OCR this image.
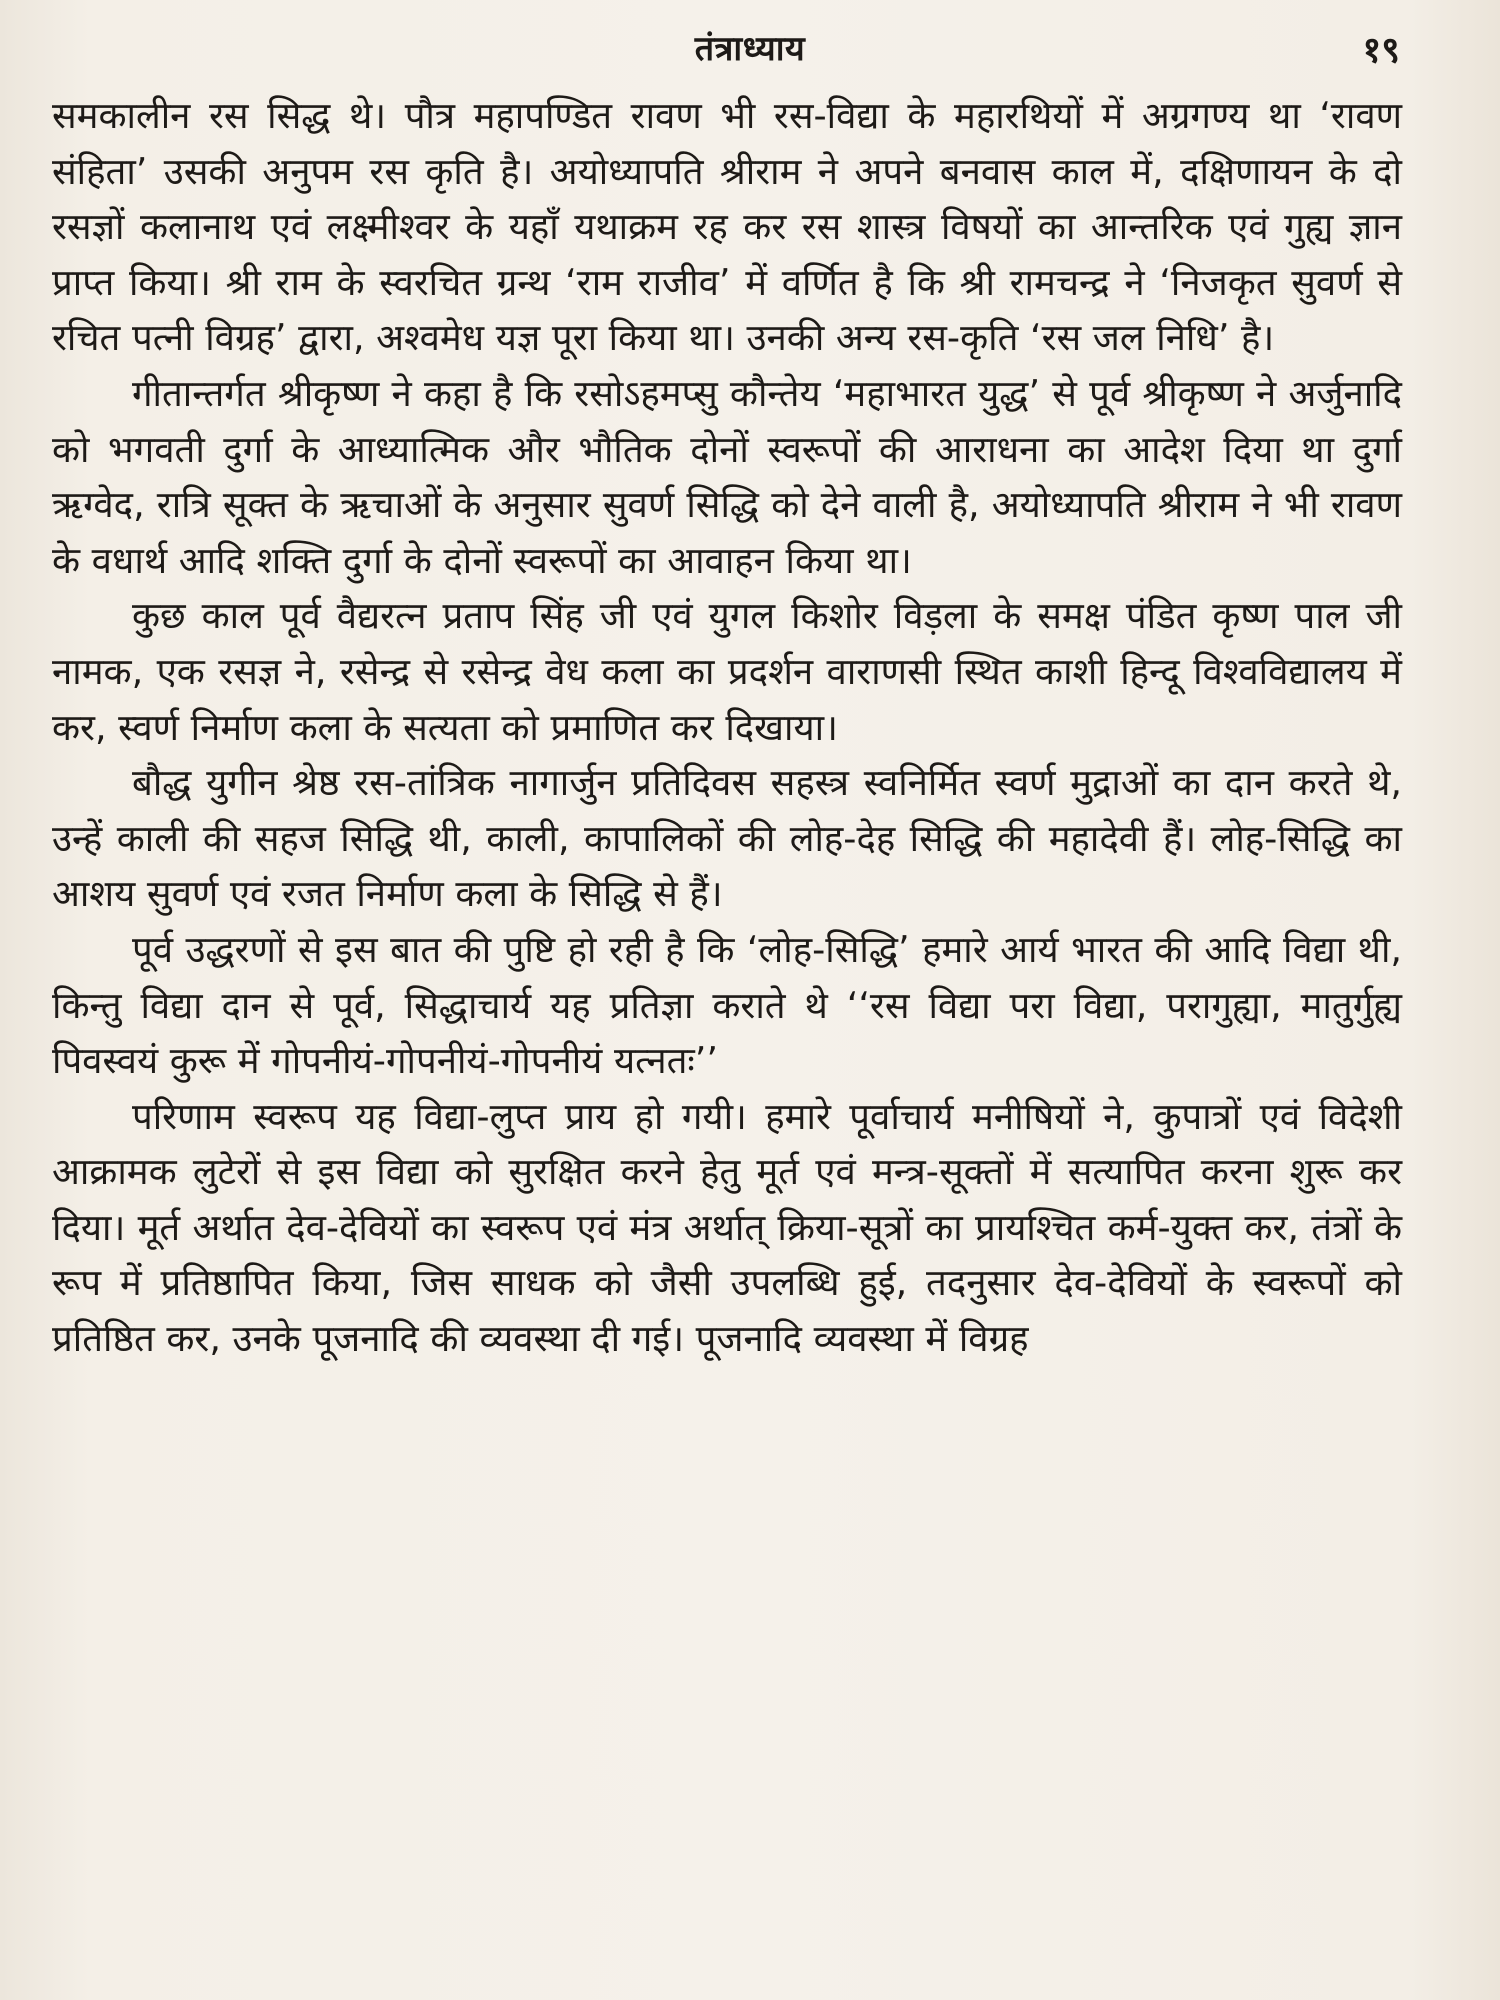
तंत्राध्याय	१९

समकालीन रस सिद्ध थे। पौत्र महापण्डित रावण भी रस-विद्या के महारथियों में अग्रगण्य था ‘रावण संहिता’ उसकी अनुपम रस कृति है। अयोध्यापति श्रीराम ने अपने बनवास काल में, दक्षिणायन के दो रसज्ञों कलानाथ एवं लक्ष्मीश्वर के यहाँ यथाक्रम रह कर रस शास्त्र विषयों का आन्तरिक एवं गुह्य ज्ञान प्राप्त किया। श्री राम के स्वरचित ग्रन्थ ‘राम राजीव’ में वर्णित है कि श्री रामचन्द्र ने ‘निजकृत सुवर्ण से रचित पत्नी विग्रह’ द्वारा, अश्वमेध यज्ञ पूरा किया था। उनकी अन्य रस-कृति ‘रस जल निधि’ है।

गीतान्तर्गत श्रीकृष्ण ने कहा है कि रसोऽहमप्सु कौन्तेय ‘महाभारत युद्ध’ से पूर्व श्रीकृष्ण ने अर्जुनादि को भगवती दुर्गा के आध्यात्मिक और भौतिक दोनों स्वरूपों की आराधना का आदेश दिया था दुर्गा ऋग्वेद, रात्रि सूक्त के ऋचाओं के अनुसार सुवर्ण सिद्धि को देने वाली है, अयोध्यापति श्रीराम ने भी रावण के वधार्थ आदि शक्ति दुर्गा के दोनों स्वरूपों का आवाहन किया था।

कुछ काल पूर्व वैद्यरत्न प्रताप सिंह जी एवं युगल किशोर विड़ला के समक्ष पंडित कृष्ण पाल जी नामक, एक रसज्ञ ने, रसेन्द्र से रसेन्द्र वेध कला का प्रदर्शन वाराणसी स्थित काशी हिन्दू विश्वविद्यालय में कर, स्वर्ण निर्माण कला के सत्यता को प्रमाणित कर दिखाया।

बौद्ध युगीन श्रेष्ठ रस-तांत्रिक नागार्जुन प्रतिदिवस सहस्त्र स्वनिर्मित स्वर्ण मुद्राओं का दान करते थे, उन्हें काली की सहज सिद्धि थी, काली, कापालिकों की लोह-देह सिद्धि की महादेवी हैं। लोह-सिद्धि का आशय सुवर्ण एवं रजत निर्माण कला के सिद्धि से हैं।

पूर्व उद्धरणों से इस बात की पुष्टि हो रही है कि ‘लोह-सिद्धि’ हमारे आर्य भारत की आदि विद्या थी, किन्तु विद्या दान से पूर्व, सिद्धाचार्य यह प्रतिज्ञा कराते थे ‘‘रस विद्या परा विद्या, परागुह्या, मातुर्गुह्य पिवस्वयं कुरू में गोपनीयं-गोपनीयं-गोपनीयं यत्नतः’’

परिणाम स्वरूप यह विद्या-लुप्त प्राय हो गयी। हमारे पूर्वाचार्य मनीषियों ने, कुपात्रों एवं विदेशी आक्रामक लुटेरों से इस विद्या को सुरक्षित करने हेतु मूर्त एवं मन्त्र-सूक्तों में सत्यापित करना शुरू कर दिया। मूर्त अर्थात देव-देवियों का स्वरूप एवं मंत्र अर्थात् क्रिया-सूत्रों का प्रायश्चित कर्म-युक्त कर, तंत्रों के रूप में प्रतिष्ठापित किया, जिस साधक को जैसी उपलब्धि हुई, तदनुसार देव-देवियों के स्वरूपों को प्रतिष्ठित कर, उनके पूजनादि की व्यवस्था दी गई। पूजनादि व्यवस्था में विग्रह
